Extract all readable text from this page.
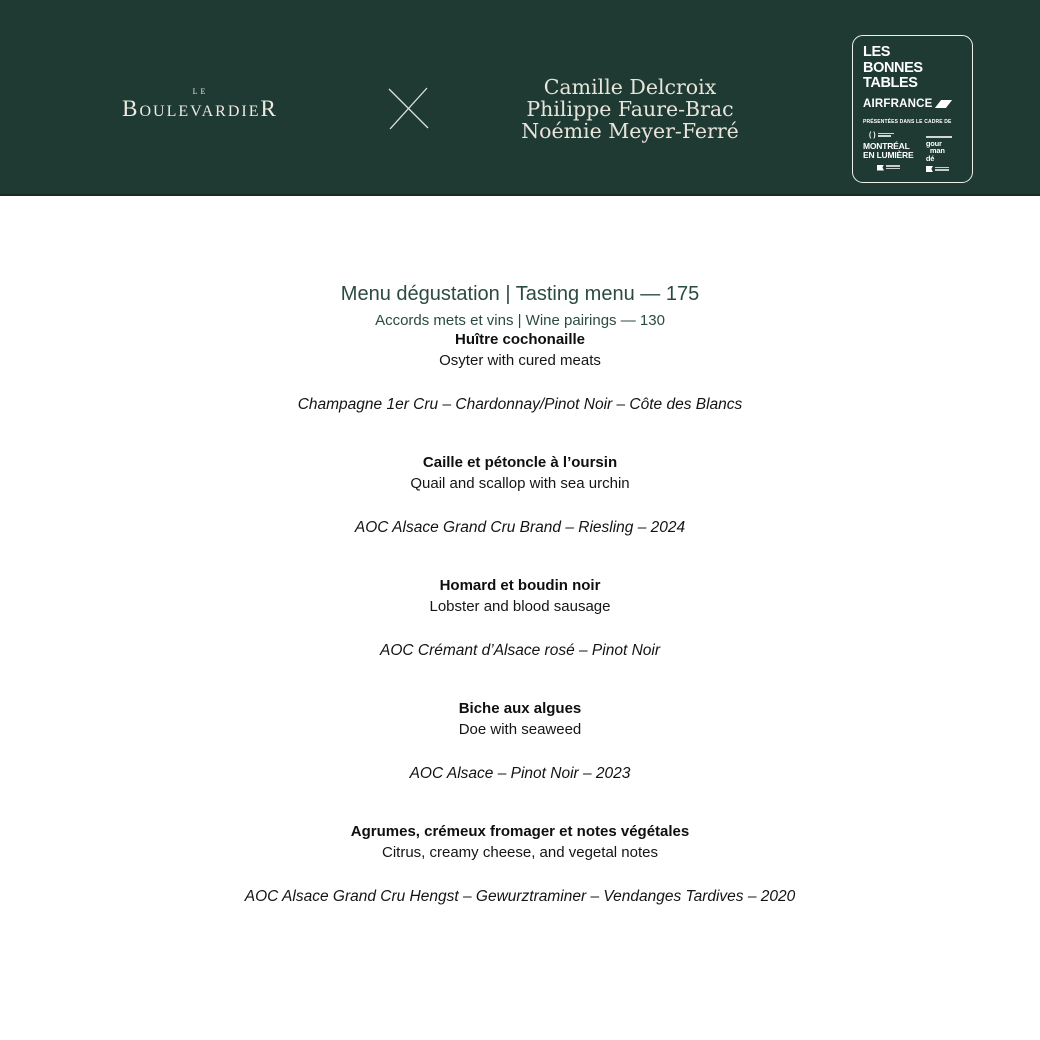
LE
BoulevardieR
Camille Delcroix
Philippe Faure-Brac
Noémie Meyer-Ferré
LES
BONNES
TABLES
AIRFRANCE
PRÉSENTÉES DANS LE CADRE DE
( )
MONTRÉAL
EN LUMIÈRE
gour
man
dé
Menu dégustation | Tasting menu — 175
Accords mets et vins | Wine pairings — 130
Huître cochonaille
Osyter with cured meats
Champagne 1er Cru – Chardonnay/Pinot Noir – Côte des Blancs
Caille et pétoncle à l’oursin
Quail and scallop with sea urchin
AOC Alsace Grand Cru Brand – Riesling – 2024
Homard et boudin noir
Lobster and blood sausage
AOC Crémant d’Alsace rosé – Pinot Noir
Biche aux algues
Doe with seaweed
AOC Alsace – Pinot Noir – 2023
Agrumes, crémeux fromager et notes végétales
Citrus, creamy cheese, and vegetal notes
AOC Alsace Grand Cru Hengst – Gewurztraminer – Vendanges Tardives – 2020
